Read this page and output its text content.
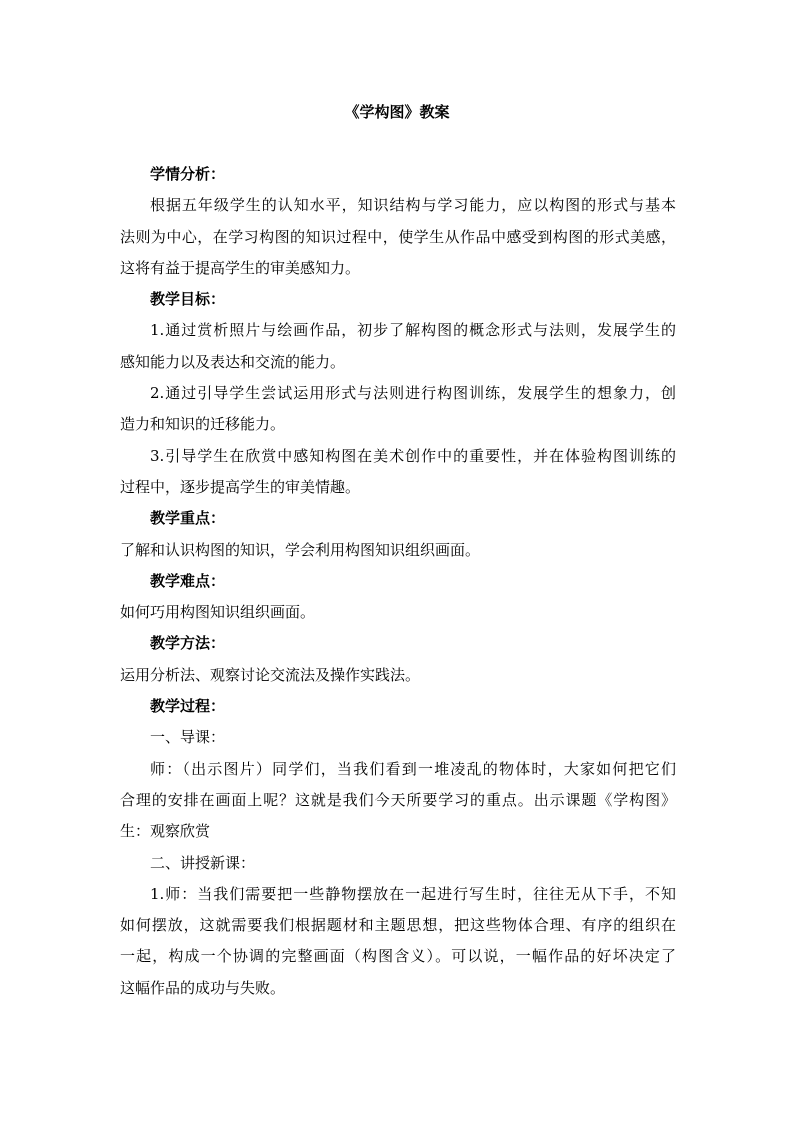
《学构图》教案
学情分析：
根据五年级学生的认知水平，知识结构与学习能力，应以构图的形式与基本
法则为中心，在学习构图的知识过程中，使学生从作品中感受到构图的形式美感，
这将有益于提高学生的审美感知力。
教学目标：
1.通过赏析照片与绘画作品，初步了解构图的概念形式与法则，发展学生的
感知能力以及表达和交流的能力。
2.通过引导学生尝试运用形式与法则进行构图训练，发展学生的想象力，创
造力和知识的迁移能力。
3.引导学生在欣赏中感知构图在美术创作中的重要性，并在体验构图训练的
过程中，逐步提高学生的审美情趣。
教学重点：
了解和认识构图的知识，学会利用构图知识组织画面。
教学难点：
如何巧用构图知识组织画面。
教学方法：
运用分析法、观察讨论交流法及操作实践法。
教学过程：
一、导课：
师：（出示图片）同学们，当我们看到一堆凌乱的物体时，大家如何把它们
合理的安排在画面上呢？这就是我们今天所要学习的重点。出示课题《学构图》
生：观察欣赏
二、讲授新课：
1.师：当我们需要把一些静物摆放在一起进行写生时，往往无从下手，不知
如何摆放，这就需要我们根据题材和主题思想，把这些物体合理、有序的组织在
一起，构成一个协调的完整画面（构图含义）。可以说，一幅作品的好坏决定了
这幅作品的成功与失败。
